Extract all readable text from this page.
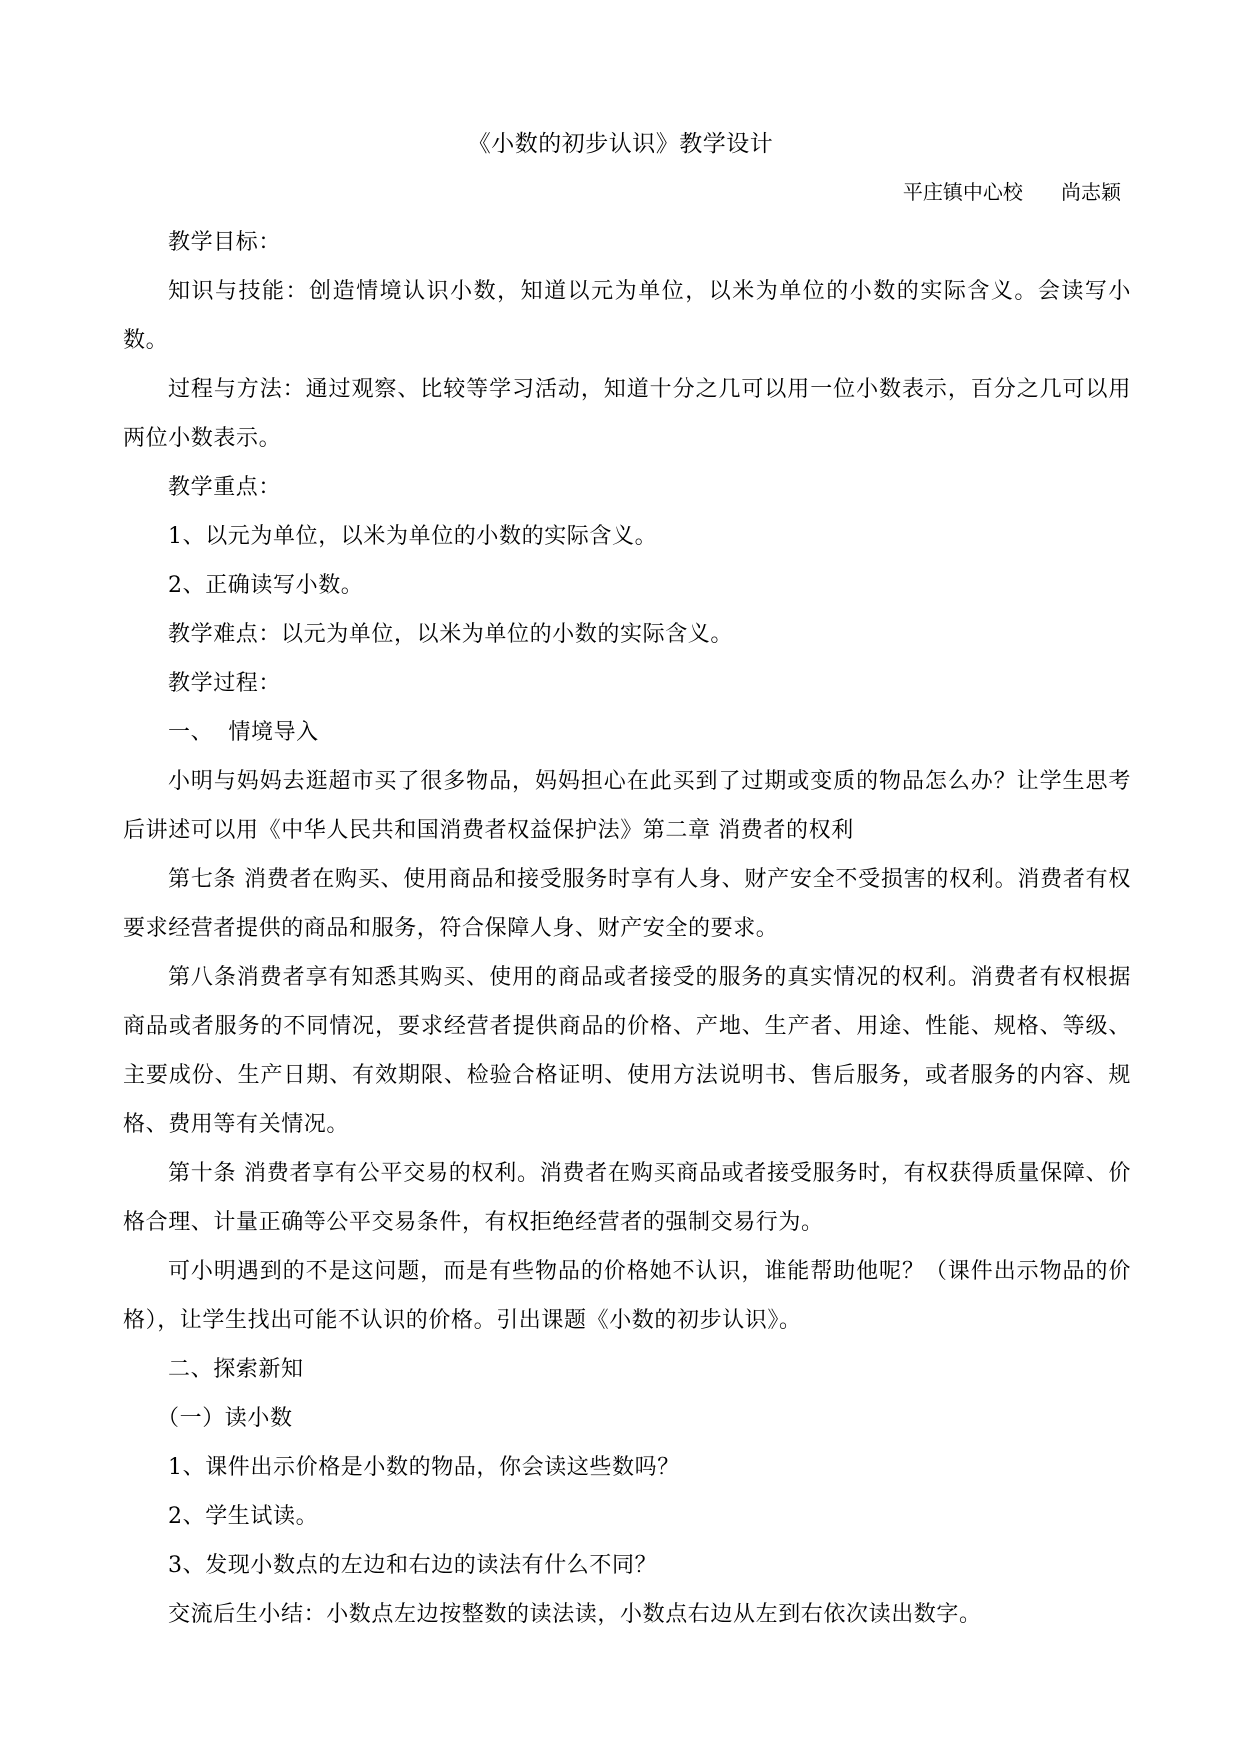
《小数的初步认识》教学设计
平庄镇中心校      尚志颖

教学目标：

知识与技能：创造情境认识小数，知道以元为单位，以米为单位的小数的实际含义。会读写小数。

过程与方法：通过观察、比较等学习活动，知道十分之几可以用一位小数表示，百分之几可以用两位小数表示。

教学重点：

1、以元为单位，以米为单位的小数的实际含义。

2、正确读写小数。

教学难点：以元为单位，以米为单位的小数的实际含义。

教学过程：

一、  情境导入

小明与妈妈去逛超市买了很多物品，妈妈担心在此买到了过期或变质的物品怎么办？让学生思考后讲述可以用《中华人民共和国消费者权益保护法》第二章 消费者的权利

第七条 消费者在购买、使用商品和接受服务时享有人身、财产安全不受损害的权利。消费者有权要求经营者提供的商品和服务，符合保障人身、财产安全的要求。

第八条消费者享有知悉其购买、使用的商品或者接受的服务的真实情况的权利。消费者有权根据商品或者服务的不同情况，要求经营者提供商品的价格、产地、生产者、用途、性能、规格、等级、主要成份、生产日期、有效期限、检验合格证明、使用方法说明书、售后服务，或者服务的内容、规格、费用等有关情况。

第十条 消费者享有公平交易的权利。消费者在购买商品或者接受服务时，有权获得质量保障、价格合理、计量正确等公平交易条件，有权拒绝经营者的强制交易行为。

可小明遇到的不是这问题，而是有些物品的价格她不认识，谁能帮助他呢？（课件出示物品的价格），让学生找出可能不认识的价格。引出课题《小数的初步认识》。

二、探索新知

（一）读小数

1、课件出示价格是小数的物品，你会读这些数吗？

2、学生试读。

3、发现小数点的左边和右边的读法有什么不同？

交流后生小结：小数点左边按整数的读法读，小数点右边从左到右依次读出数字。
